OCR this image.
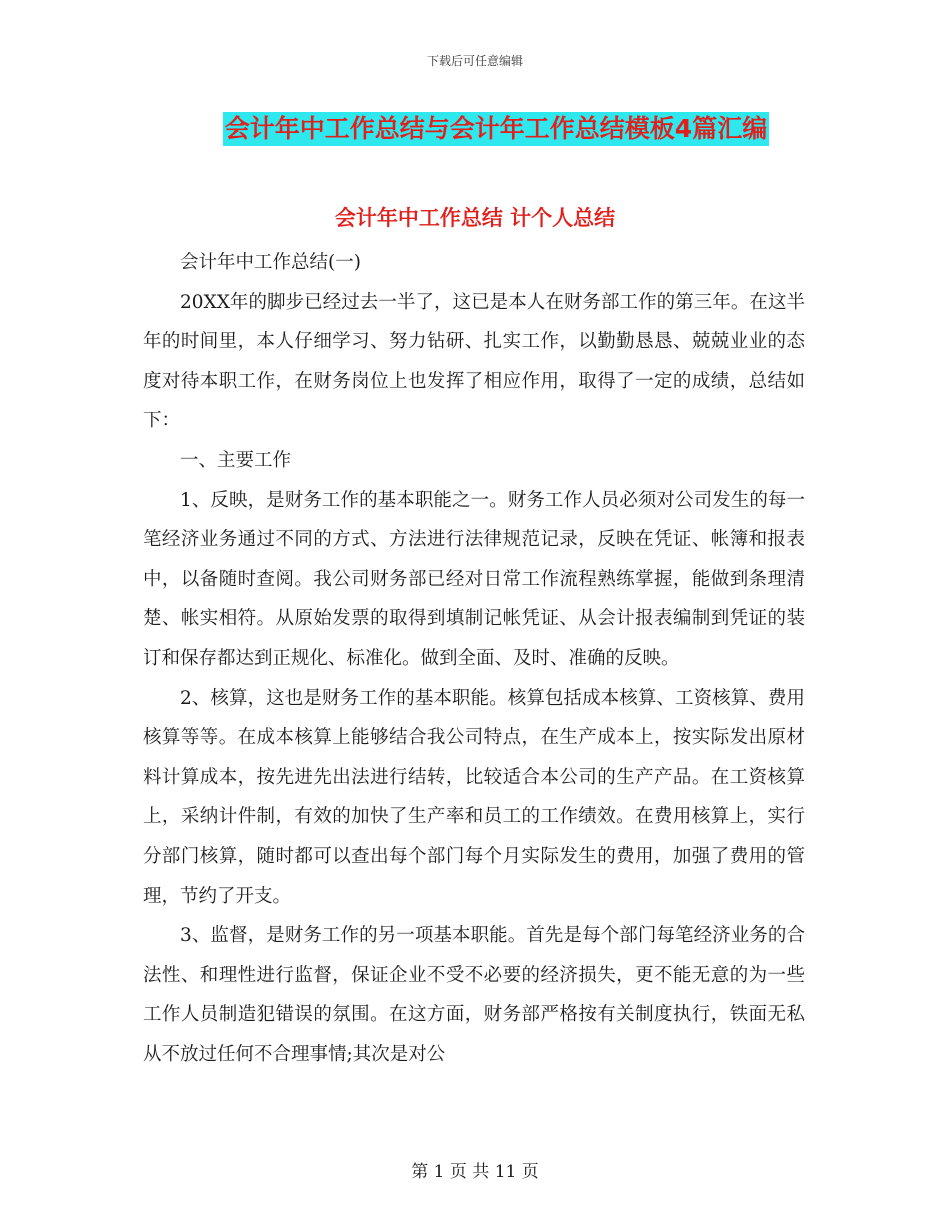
下载后可任意编辑
会计年中工作总结与会计年工作总结模板4篇汇编
会计年中工作总结 计个人总结

会计年中工作总结(一)

20XX年的脚步已经过去一半了，这已是本人在财务部工作的第三年。在这半年的时间里，本人仔细学习、努力钻研、扎实工作，以勤勤恳恳、兢兢业业的态度对待本职工作，在财务岗位上也发挥了相应作用，取得了一定的成绩，总结如下：

一、主要工作

1、反映，是财务工作的基本职能之一。财务工作人员必须对公司发生的每一笔经济业务通过不同的方式、方法进行法律规范记录，反映在凭证、帐簿和报表中，以备随时查阅。我公司财务部已经对日常工作流程熟练掌握，能做到条理清楚、帐实相符。从原始发票的取得到填制记帐凭证、从会计报表编制到凭证的装订和保存都达到正规化、标准化。做到全面、及时、准确的反映。

2、核算，这也是财务工作的基本职能。核算包括成本核算、工资核算、费用核算等等。在成本核算上能够结合我公司特点，在生产成本上，按实际发出原材料计算成本，按先进先出法进行结转，比较适合本公司的生产产品。在工资核算上，采纳计件制，有效的加快了生产率和员工的工作绩效。在费用核算上，实行分部门核算，随时都可以查出每个部门每个月实际发生的费用，加强了费用的管理，节约了开支。

3、监督，是财务工作的另一项基本职能。首先是每个部门每笔经济业务的合法性、和理性进行监督，保证企业不受不必要的经济损失，更不能无意的为一些工作人员制造犯错误的氛围。在这方面，财务部严格按有关制度执行，铁面无私从不放过任何不合理事情;其次是对公

第 1 页 共 11 页
